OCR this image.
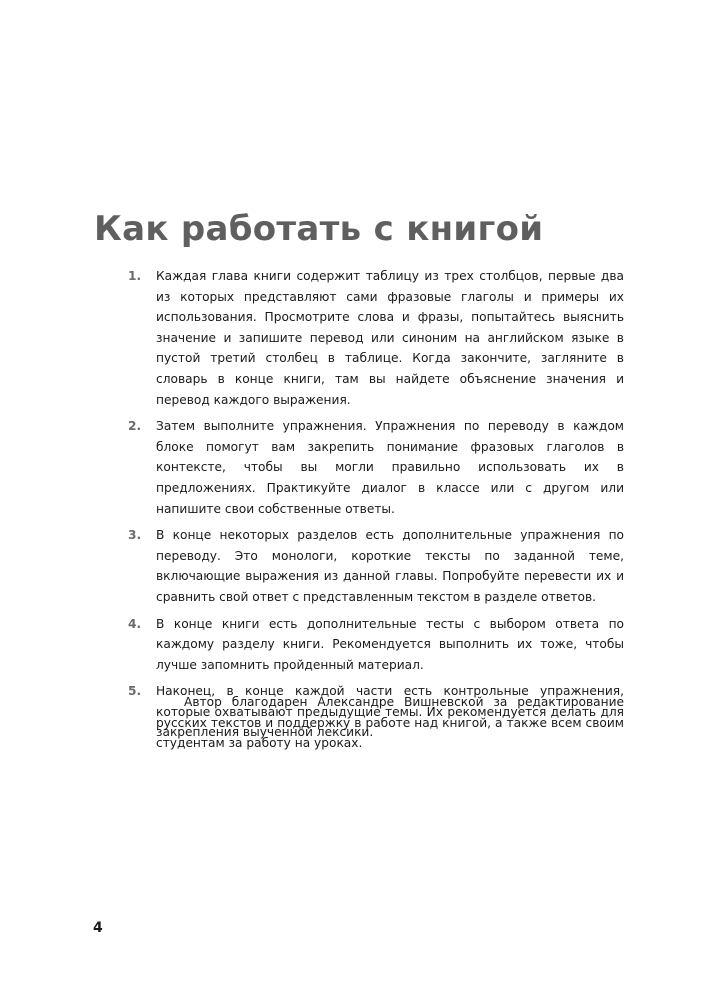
Как работать с книгой
1. Каждая глава книги содержит таблицу из трех столбцов, первые два из которых представляют сами фразовые глаголы и примеры их использования. Просмотрите слова и фразы, попытайтесь выяснить значение и запишите перевод или синоним на английском языке в пустой третий столбец в таблице. Когда закончите, загляните в словарь в конце книги, там вы найдете объяснение значения и перевод каждого выражения.
2. Затем выполните упражнения. Упражнения по переводу в каждом блоке помогут вам закрепить понимание фразовых глаголов в контексте, чтобы вы могли правильно использовать их в предложениях. Практикуйте диалог в классе или с другом или напишите свои собственные ответы.
3. В конце некоторых разделов есть дополнительные упражнения по переводу. Это монологи, короткие тексты по заданной теме, включающие выражения из данной главы. Попробуйте перевести их и сравнить свой ответ с представленным текстом в разделе ответов.
4. В конце книги есть дополнительные тесты с выбором ответа по каждому разделу книги. Рекомендуется выполнить их тоже, чтобы лучше запомнить пройденный материал.
5. Наконец, в конце каждой части есть контрольные упражнения, которые охватывают предыдущие темы. Их рекомендуется делать для закрепления выученной лексики.

Автор благодарен Александре Вишневской за редактирование русских текстов и поддержку в работе над книгой, а также всем своим студентам за работу на уроках.

4
